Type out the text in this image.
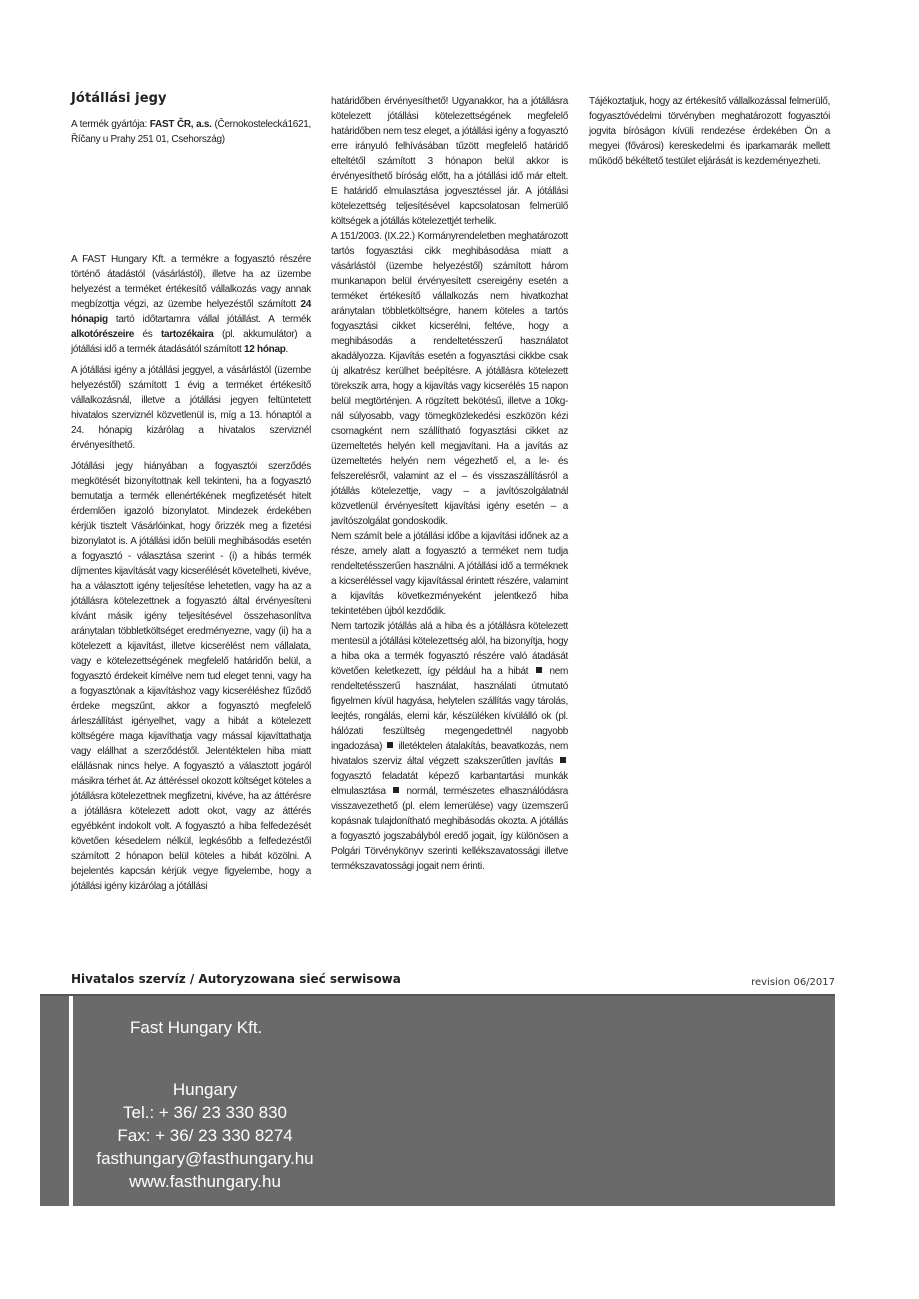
Jótállási jegy

A termék gyártója: FAST ČR, a.s. (Černokostelecká1621, Říčany u Prahy 251 01, Csehország)

A FAST Hungary Kft. a termékre a fogyasztó részére történő átadástól (vásárlástól), illetve ha az üzembe helyezést a terméket értékesítő vállalkozás vagy annak megbízottja végzi, az üzembe helyezéstől számított 24 hónapig tartó időtartamra vállal jótállást. A termék alkotórészeire és tartozékaira (pl. akkumulátor) a jótállási idő a termék átadásától számított 12 hónap.

A jótállási igény a jótállási jeggyel, a vásárlástól (üzembe helyezéstől) számított 1 évig a terméket értékesítő vállalkozásnál, illetve a jótállási jegyen feltüntetett hivatalos szerviznél közvetlenül is, míg a 13. hónaptól a 24. hónapig kizárólag a hivatalos szerviznél érvényesíthető.

Jótállási jegy hiányában a fogyasztói szerződés megkötését bizonyítottnak kell tekinteni, ha a fogyasztó bemutatja a termék ellenértékének megfizetését hitelt érdemlően igazoló bizonylatot. Mindezek érdekében kérjük tisztelt Vásárlóinkat, hogy őrizzék meg a fizetési bizonylatot is. A jótállási időn belüli meghibásodás esetén a fogyasztó - választása szerint - (i) a hibás termék díjmentes kijavítását vagy kicserélését követelheti, kivéve, ha a választott igény teljesítése lehetetlen, vagy ha az a jótállásra kötelezettnek a fogyasztó által érvényesíteni kívánt másik igény teljesítésével összehasonlítva aránytalan többletköltséget eredményezne, vagy (ii) ha a kötelezett a kijavítást, illetve kicserélést nem vállalata, vagy e kötelezettségének megfelelő határidőn belül, a fogyasztó érdekeit kímélve nem tud eleget tenni, vagy ha a fogyasztónak a kijavításhoz vagy kicseréléshez fűződő érdeke megszűnt, akkor a fogyasztó megfelelő árleszállítást igényelhet, vagy a hibát a kötelezett költségére maga kijavíthatja vagy mással kijavíttathatja vagy elállhat a szerződéstől. Jelentéktelen hiba miatt elállásnak nincs helye. A fogyasztó a választott jogáról másikra térhet át. Az áttéréssel okozott költséget köteles a jótállásra kötelezettnek megfizetni, kivéve, ha az áttérésre a jótállásra kötelezett adott okot, vagy az áttérés egyébként indokolt volt. A fogyasztó a hiba felfedezését követően késedelem nélkül, legkésőbb a felfedezéstől számított 2 hónapon belül köteles a hibát közölni. A bejelentés kapcsán kérjük vegye figyelembe, hogy a jótállási igény kizárólag a jótállási

határidőben érvényesíthető! Ugyanakkor, ha a jótállásra kötelezett jótállási kötelezettségének megfelelő határidőben nem tesz eleget, a jótállási igény a fogyasztó erre irányuló felhívásában tűzött megfelelő határidő elteltétől számított 3 hónapon belül akkor is érvényesíthető bíróság előtt, ha a jótállási idő már eltelt. E határidő elmulasztása jogvesztéssel jár. A jótállási kötelezettség teljesítésével kapcsolatosan felmerülő költségek a jótállás kötelezettjét terhelik.

A 151/2003. (IX.22.) Kormányrendeletben meghatározott tartós fogyasztási cikk meghibásodása miatt a vásárlástól (üzembe helyezéstől) számított három munkanapon belül érvényesített csereigény esetén a terméket értékesítő vállalkozás nem hivatkozhat aránytalan többletköltségre, hanem köteles a tartós fogyasztási cikket kicserélni, feltéve, hogy a meghibásodás a rendeltetésszerű használatot akadályozza. Kijavítás esetén a fogyasztási cikkbe csak új alkatrész kerülhet beépítésre. A jótállásra kötelezett törekszik arra, hogy a kijavítás vagy kicserélés 15 napon belül megtörténjen. A rögzített bekötésű, illetve a 10kg-nál súlyosabb, vagy tömegközlekedési eszközön kézi csomagként nem szállítható fogyasztási cikket az üzemeltetés helyén kell megjavítani. Ha a javítás az üzemeltetés helyén nem végezhető el, a le- és felszerelésről, valamint az el – és visszaszállításról a jótállás kötelezettje, vagy – a javítószolgálatnál közvetlenül érvényesített kijavítási igény esetén – a javítószolgálat gondoskodik.

Nem számít bele a jótállási időbe a kijavítási időnek az a része, amely alatt a fogyasztó a terméket nem tudja rendeltetésszerűen használni. A jótállási idő a terméknek a kicseréléssel vagy kijavítással érintett részére, valamint a kijavítás következményeként jelentkező hiba tekintetében újból kezdődik.

Nem tartozik jótállás alá a hiba és a jótállásra kötelezett mentesül a jótállási kötelezettség alól, ha bizonyítja, hogy a hiba oka a termék fogyasztó részére való átadását követően keletkezett, így például ha a hibát nem rendeltetésszerű használat, használati útmutató figyelmen kívül hagyása, helytelen szállítás vagy tárolás, leejtés, rongálás, elemi kár, készüléken kívülálló ok (pl. hálózati feszültség megengedettnél nagyobb ingadozása) illetéktelen átalakítás, beavatkozás, nem hivatalos szerviz által végzett szakszerűtlen javítás  fogyasztó feladatát képező karbantartási munkák elmulasztása normál, természetes elhasználódásra visszavezethető (pl. elem lemerülése) vagy üzemszerű kopásnak tulajdonítható meghibásodás okozta. A jótállás a fogyasztó jogszabályból eredő jogait, így különösen a Polgári Törvénykönyv szerinti kellékszavatossági illetve termékszavatossági jogait nem érinti.

Tájékoztatjuk, hogy az értékesítő vállalkozással felmerülő, fogyasztóvédelmi törvényben meghatározott fogyasztói jogvita bíróságon kívüli rendezése érdekében Ön a megyei (fővárosi) kereskedelmi és iparkamarák mellett működő békéltető testület eljárását is kezdeményezheti.

Hivatalos szervíz / Autoryzowana sieć serwisowa	revision 06/2017
Fast Hungary Kft.
Hungary
Tel.: + 36/ 23 330 830
Fax: + 36/ 23 330 8274
fasthungary@fasthungary.hu
www.fasthungary.hu
